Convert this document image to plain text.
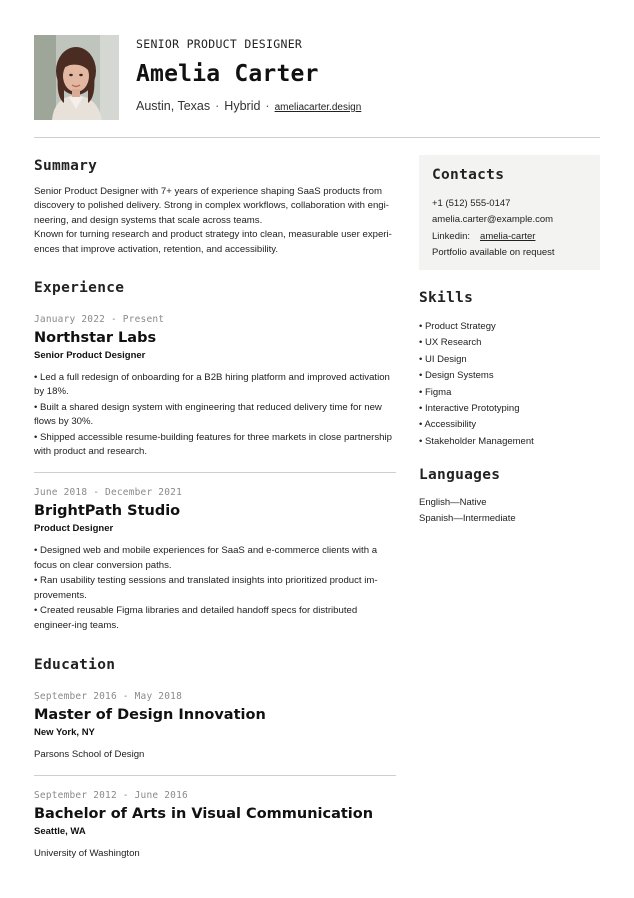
SENIOR PRODUCT DESIGNER
Amelia Carter
Austin, Texas · Hybrid · ameliacarter.design
Summary

Senior Product Designer with 7+ years of experience shaping SaaS products from discovery to polished delivery. Strong in complex workflows, collaboration with engi-neering, and design systems that scale across teams.

Known for turning research and product strategy into clean, measurable user experi-ences that improve activation, retention, and accessibility.

Experience
January 2022 - Present
Northstar Labs
Senior Product Designer
• Led a full redesign of onboarding for a B2B hiring platform and improved activation by 18%.
• Built a shared design system with engineering that reduced delivery time for new flows by 30%.
• Shipped accessible resume-building features for three markets in close partnership with product and research.
June 2018 - December 2021
BrightPath Studio
Product Designer
• Designed web and mobile experiences for SaaS and e-commerce clients with a focus on clear conversion paths.
• Ran usability testing sessions and translated insights into prioritized product im-provements.
• Created reusable Figma libraries and detailed handoff specs for distributed engineer-ing teams.
Education
September 2016 - May 2018
Master of Design Innovation
New York, NY
Parsons School of Design
September 2012 - June 2016
Bachelor of Arts in Visual Communication
Seattle, WA
University of Washington
Contacts
+1 (512) 555-0147
amelia.carter@example.com
Linkedin: amelia-carter
Portfolio available on request
Skills
• Product Strategy
• UX Research
• UI Design
• Design Systems
• Figma
• Interactive Prototyping
• Accessibility
• Stakeholder Management
Languages
English—Native
Spanish—Intermediate
